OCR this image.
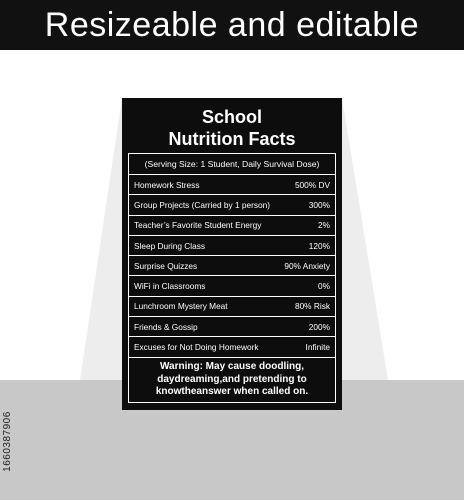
Resizeable and editable
1660387906
School
Nutrition Facts
(Serving Size: 1 Student, Daily Survival Dose)
Homework Stress	500% DV
Group Projects (Carried by 1 person)	300%
Teacher’s Favorite Student Energy	2%
Sleep During Class	120%
Surprise Quizzes	90% Anxiety
WiFi in Classrooms	0%
Lunchroom Mystery Meat	80% Risk
Friends & Gossip	200%
Excuses for Not Doing Homework	Infinite
Warning: May cause doodling,
daydreaming,and pretending to
knowtheanswer when called on.
